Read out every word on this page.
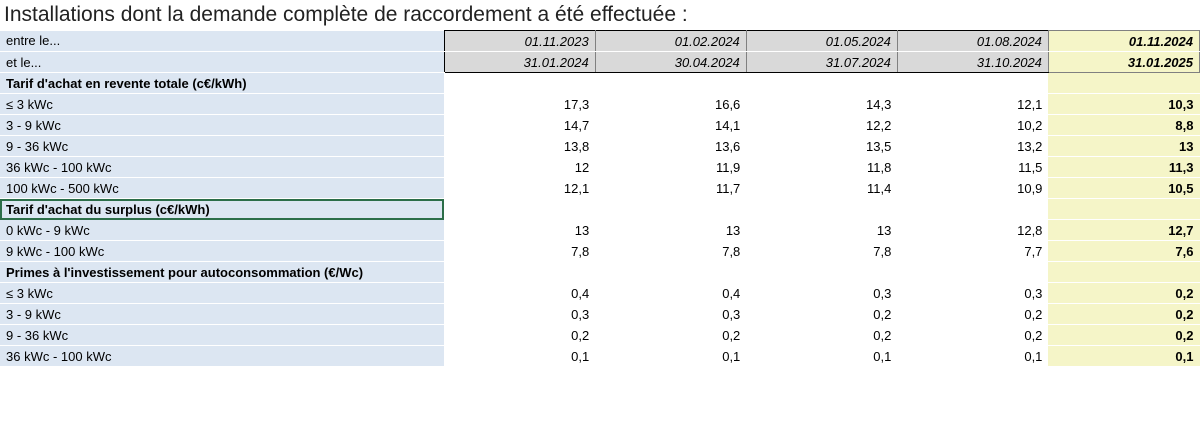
Installations dont la demande complète de raccordement a été effectuée :
entre le...	01.11.2023	01.02.2024	01.05.2024	01.08.2024	01.11.2024
et le...	31.01.2024	30.04.2024	31.07.2024	31.10.2024	31.01.2025
Tarif d'achat en revente totale (c€/kWh)					
≤ 3 kWc	17,3	16,6	14,3	12,1	10,3
3 - 9 kWc	14,7	14,1	12,2	10,2	8,8
9 - 36 kWc	13,8	13,6	13,5	13,2	13
36 kWc - 100 kWc	12	11,9	11,8	11,5	11,3
100 kWc - 500 kWc	12,1	11,7	11,4	10,9	10,5
Tarif d'achat du surplus (c€/kWh)					
0 kWc - 9 kWc	13	13	13	12,8	12,7
9 kWc - 100 kWc	7,8	7,8	7,8	7,7	7,6
Primes à l'investissement pour autoconsommation (€/Wc)					
≤ 3 kWc	0,4	0,4	0,3	0,3	0,2
3 - 9 kWc	0,3	0,3	0,2	0,2	0,2
9 - 36 kWc	0,2	0,2	0,2	0,2	0,2
36 kWc - 100 kWc	0,1	0,1	0,1	0,1	0,1
